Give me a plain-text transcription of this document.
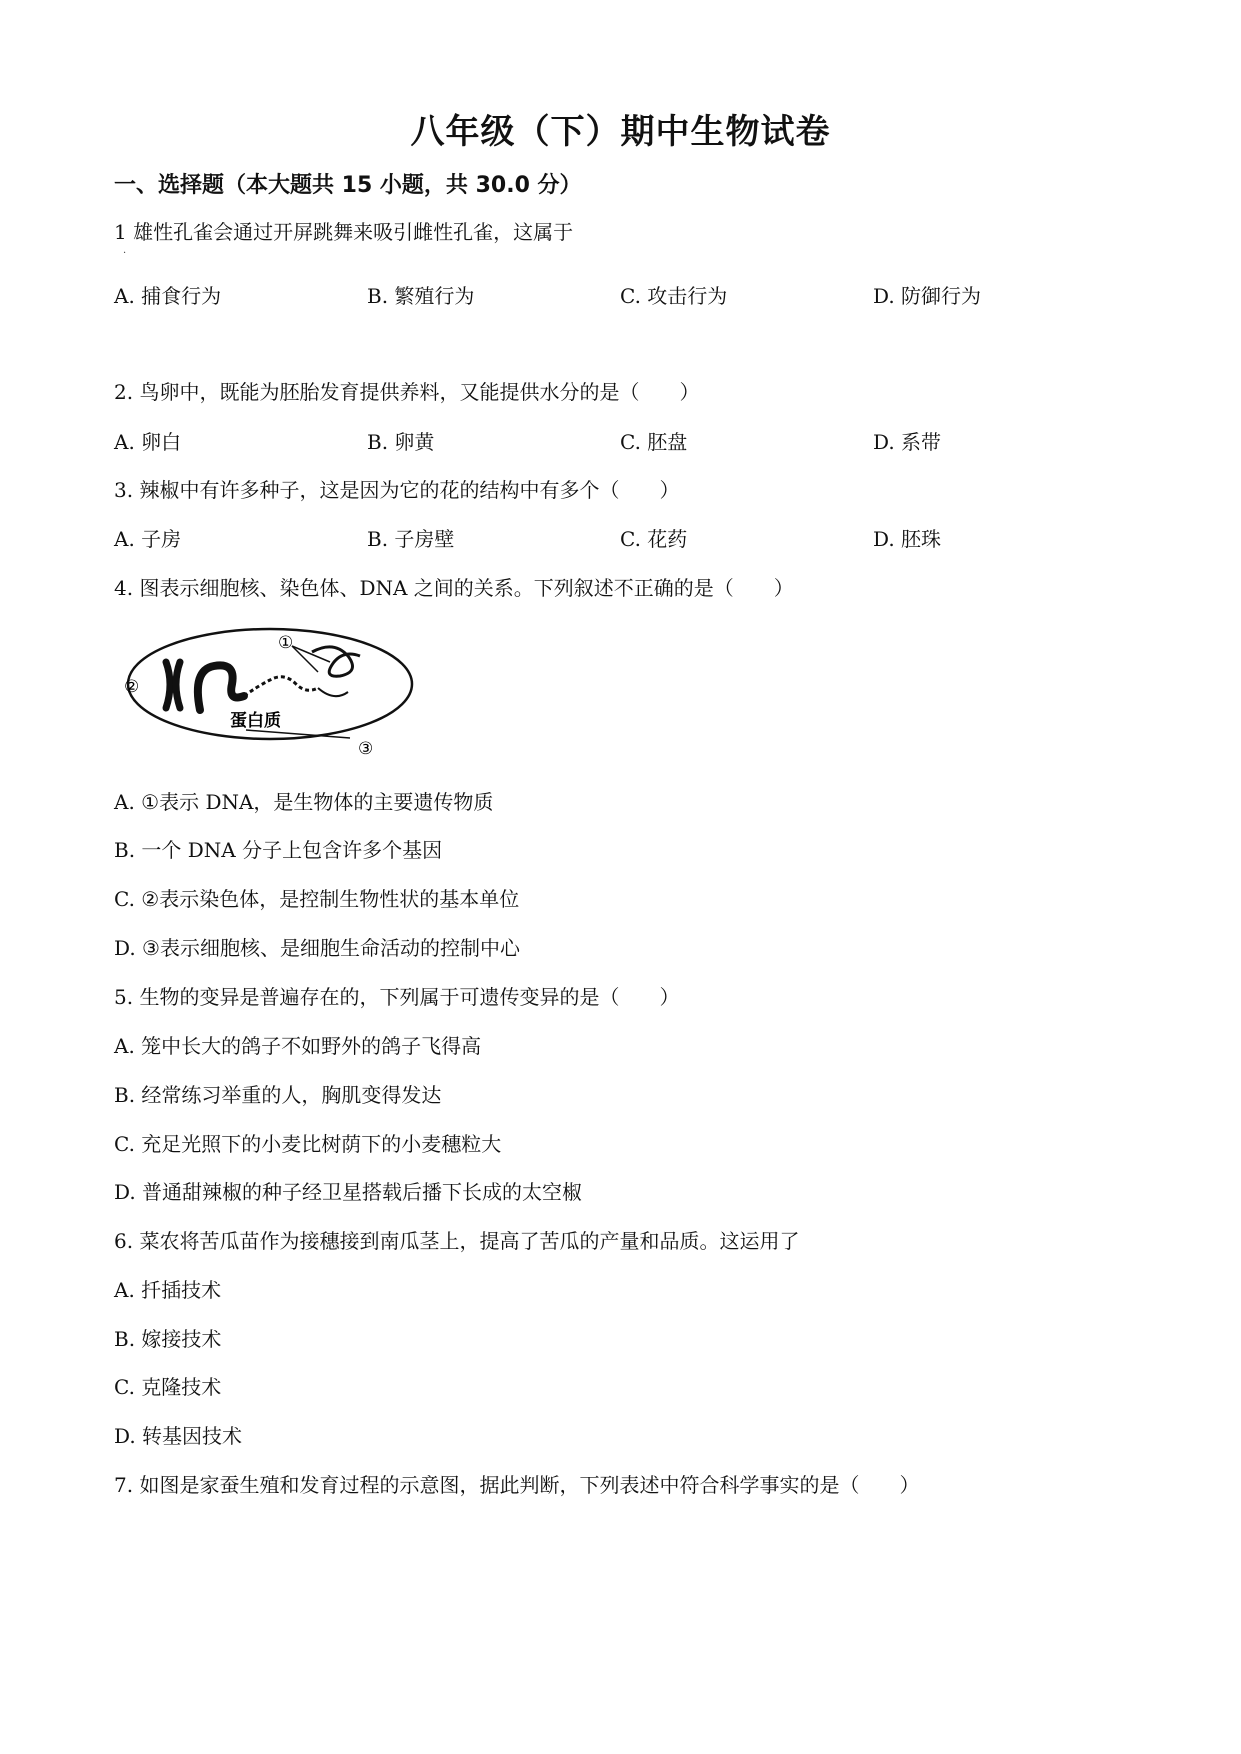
八年级（下）期中生物试卷
一、选择题（本大题共 15 小题，共 30.0 分）
1 雄性孔雀会通过开屏跳舞来吸引雌性孔雀，这属于
·
A. 捕食行为	B. 繁殖行为	C. 攻击行为	D. 防御行为
2. 鸟卵中，既能为胚胎发育提供养料，又能提供水分的是（　　）
A. 卵白	B. 卵黄	C. 胚盘	D. 系带
3. 辣椒中有许多种子，这是因为它的花的结构中有多个（　　）
A. 子房	B. 子房壁	C. 花药	D. 胚珠
4. 图表示细胞核、染色体、DNA 之间的关系。下列叙述不正确的是（　　）
①
②
③
蛋白质
A. ①表示 DNA，是生物体的主要遗传物质
B. 一个 DNA 分子上包含许多个基因
C. ②表示染色体，是控制生物性状的基本单位
D. ③表示细胞核、是细胞生命活动的控制中心
5. 生物的变异是普遍存在的，下列属于可遗传变异的是（　　）
A. 笼中长大的鸽子不如野外的鸽子飞得高
B. 经常练习举重的人，胸肌变得发达
C. 充足光照下的小麦比树荫下的小麦穗粒大
D. 普通甜辣椒的种子经卫星搭载后播下长成的太空椒
6. 菜农将苦瓜苗作为接穗接到南瓜茎上，提高了苦瓜的产量和品质。这运用了
A. 扦插技术
B. 嫁接技术
C. 克隆技术
D. 转基因技术
7. 如图是家蚕生殖和发育过程的示意图，据此判断，下列表述中符合科学事实的是（　　）
